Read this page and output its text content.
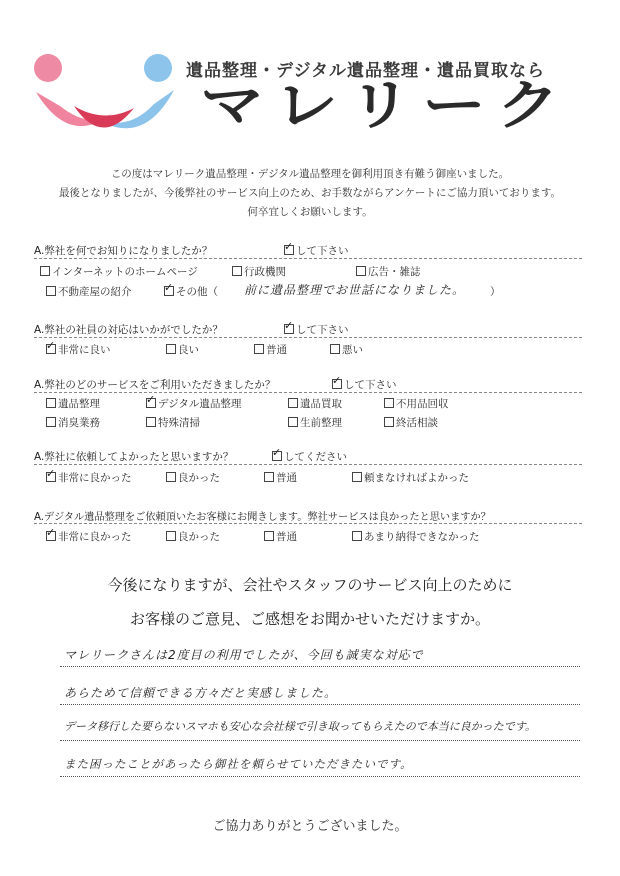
遺品整理・デジタル遺品整理・遺品買取なら
マレリーク
この度はマレリーク遺品整理・デジタル遺品整理を御利用頂き有難う御座いました。
最後となりましたが、今後弊社のサービス向上のため、お手数ながらアンケートにご協力頂いております。
何卒宜しくお願いします。
A.弊社を何でお知りになりましたか？ ✓	して下さい
インターネットのホームページ	行政機関	広告・雑誌
不動産屋の紹介 ✓	その他（ 前に遺品整理でお世話になりました。 ）
A.弊社の社員の対応はいかがでしたか？ ✓	して下さい
✓非常に良い	良い	普通	悪い
A.弊社のどのサービスをご利用いただきましたか？ ✓	して下さい
遺品整理 ✓	デジタル遺品整理	遺品買取	不用品回収
消臭業務	特殊清掃	生前整理	終活相談
A.弊社に依頼してよかったと思いますか？ ✓	してください
✓非常に良かった	良かった	普通	頼まなければよかった
A.デジタル遺品整理をご依頼頂いたお客様にお聞きします。弊社サービスは良かったと思いますか？
✓非常に良かった	良かった	普通	あまり納得できなかった
今後になりますが、会社やスタッフのサービス向上のために
お客様のご意見、ご感想をお聞かせいただけますか。
マレリークさんは2度目の利用でしたが、今回も誠実な対応で
あらためて信頼できる方々だと実感しました。
データ移行した要らないスマホも安心な会社様で引き取ってもらえたので本当に良かったです。
また困ったことがあったら御社を頼らせていただきたいです。
ご協力ありがとうございました。
